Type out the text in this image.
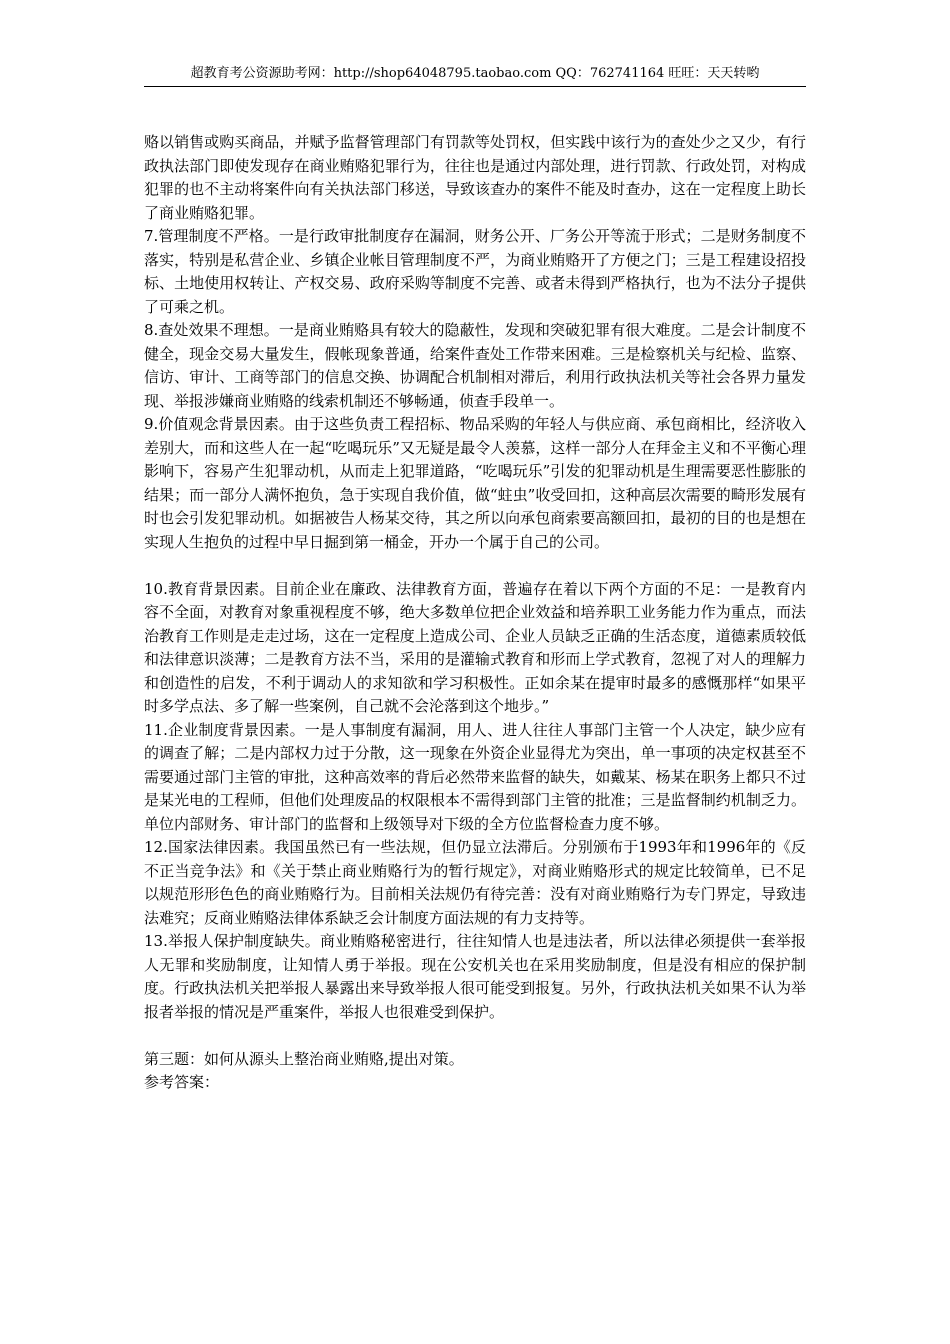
超教育考公资源助考网：http://shop64048795.taobao.com QQ：762741164 旺旺：天天转哟

赂以销售或购买商品，并赋予监督管理部门有罚款等处罚权，但实践中该行为的查处少之又少，有行政执法部门即使发现存在商业贿赂犯罪行为，往往也是通过内部处理，进行罚款、行政处罚，对构成犯罪的也不主动将案件向有关执法部门移送，导致该查办的案件不能及时查办，这在一定程度上助长了商业贿赂犯罪。

7.管理制度不严格。一是行政审批制度存在漏洞，财务公开、厂务公开等流于形式；二是财务制度不落实，特别是私营企业、乡镇企业帐目管理制度不严，为商业贿赂开了方便之门；三是工程建设招投标、土地使用权转让、产权交易、政府采购等制度不完善、或者未得到严格执行，也为不法分子提供了可乘之机。

8.查处效果不理想。一是商业贿赂具有较大的隐蔽性，发现和突破犯罪有很大难度。二是会计制度不健全，现金交易大量发生，假帐现象普通，给案件查处工作带来困难。三是检察机关与纪检、监察、信访、审计、工商等部门的信息交换、协调配合机制相对滞后，利用行政执法机关等社会各界力量发现、举报涉嫌商业贿赂的线索机制还不够畅通，侦查手段单一。

9.价值观念背景因素。由于这些负责工程招标、物品采购的年轻人与供应商、承包商相比，经济收入差别大，而和这些人在一起“吃喝玩乐”又无疑是最令人羡慕，这样一部分人在拜金主义和不平衡心理影响下，容易产生犯罪动机，从而走上犯罪道路，“吃喝玩乐”引发的犯罪动机是生理需要恶性膨胀的结果；而一部分人满怀抱负，急于实现自我价值，做“蛀虫”收受回扣，这种高层次需要的畸形发展有时也会引发犯罪动机。如据被告人杨某交待，其之所以向承包商索要高额回扣，最初的目的也是想在实现人生抱负的过程中早日掘到第一桶金，开办一个属于自己的公司。

10.教育背景因素。目前企业在廉政、法律教育方面，普遍存在着以下两个方面的不足：一是教育内容不全面，对教育对象重视程度不够，绝大多数单位把企业效益和培养职工业务能力作为重点，而法治教育工作则是走走过场，这在一定程度上造成公司、企业人员缺乏正确的生活态度，道德素质较低和法律意识淡薄；二是教育方法不当，采用的是灌输式教育和形而上学式教育，忽视了对人的理解力和创造性的启发，不利于调动人的求知欲和学习积极性。正如余某在提审时最多的感慨那样“如果平时多学点法、多了解一些案例，自己就不会沦落到这个地步。”

11.企业制度背景因素。一是人事制度有漏洞，用人、进人往往人事部门主管一个人决定，缺少应有的调查了解；二是内部权力过于分散，这一现象在外资企业显得尤为突出，单一事项的决定权甚至不需要通过部门主管的审批，这种高效率的背后必然带来监督的缺失，如戴某、杨某在职务上都只不过是某光电的工程师，但他们处理废品的权限根本不需得到部门主管的批准；三是监督制约机制乏力。单位内部财务、审计部门的监督和上级领导对下级的全方位监督检查力度不够。

12.国家法律因素。我国虽然已有一些法规，但仍显立法滞后。分别颁布于1993年和1996年的《反不正当竞争法》和《关于禁止商业贿赂行为的暂行规定》，对商业贿赂形式的规定比较简单，已不足以规范形形色色的商业贿赂行为。目前相关法规仍有待完善：没有对商业贿赂行为专门界定，导致违法难究；反商业贿赂法律体系缺乏会计制度方面法规的有力支持等。

13.举报人保护制度缺失。商业贿赂秘密进行，往往知情人也是违法者，所以法律必须提供一套举报人无罪和奖励制度，让知情人勇于举报。现在公安机关也在采用奖励制度，但是没有相应的保护制度。行政执法机关把举报人暴露出来导致举报人很可能受到报复。另外，行政执法机关如果不认为举报者举报的情况是严重案件，举报人也很难受到保护。

第三题：如何从源头上整治商业贿赂,提出对策。

参考答案：
